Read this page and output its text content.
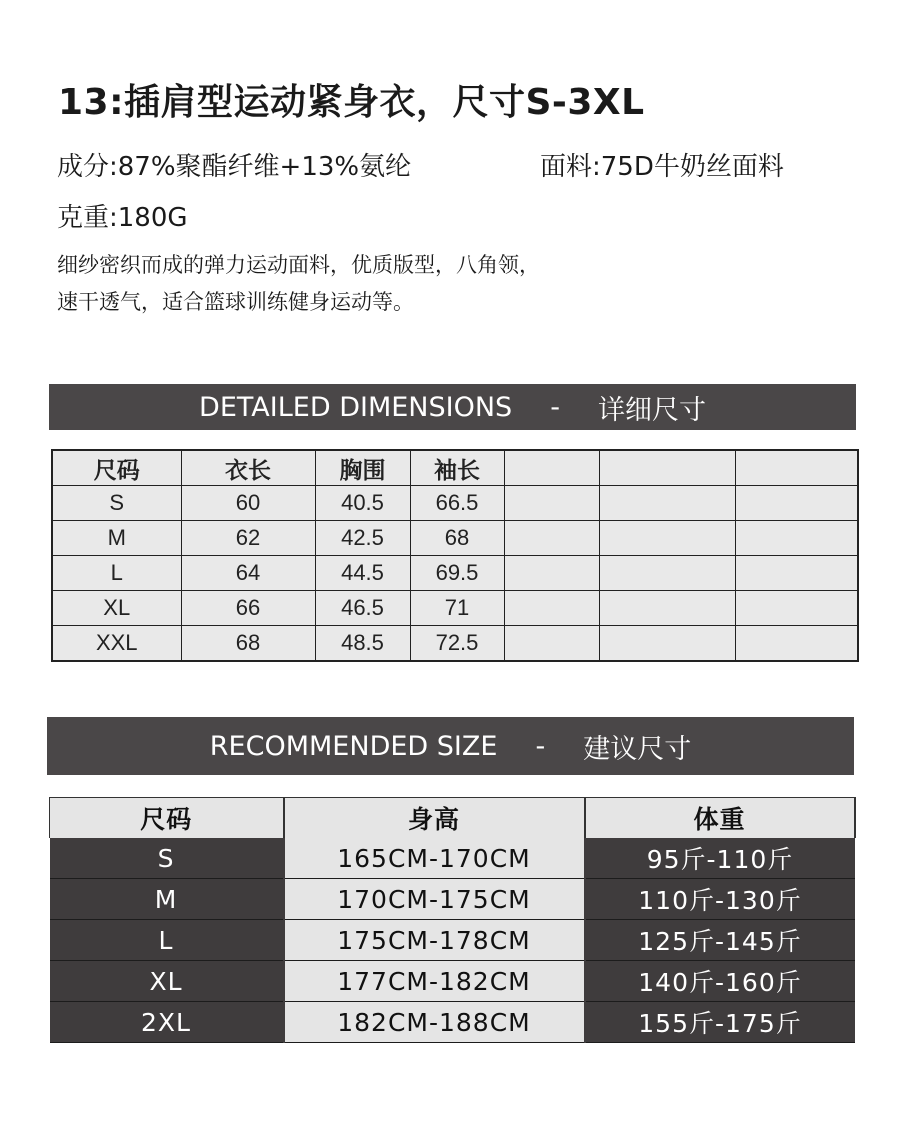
13:插肩型运动紧身衣，尺寸S-3XL
成分:87%聚酯纤维+13%氨纶	面料:75D牛奶丝面料
克重:180G
细纱密织而成的弹力运动面料，优质版型，八角领，
速干透气，适合篮球训练健身运动等。
DETAILED DIMENSIONS - 详细尺寸
尺码	衣长	胸围	袖长			
S	60	40.5	66.5			
M	62	42.5	68			
L	64	44.5	69.5			
XL	66	46.5	71			
XXL	68	48.5	72.5			
RECOMMENDED SIZE - 建议尺寸
尺码	身高	体重
S	165CM-170CM	95斤-110斤
M	170CM-175CM	110斤-130斤
L	175CM-178CM	125斤-145斤
XL	177CM-182CM	140斤-160斤
2XL	182CM-188CM	155斤-175斤
